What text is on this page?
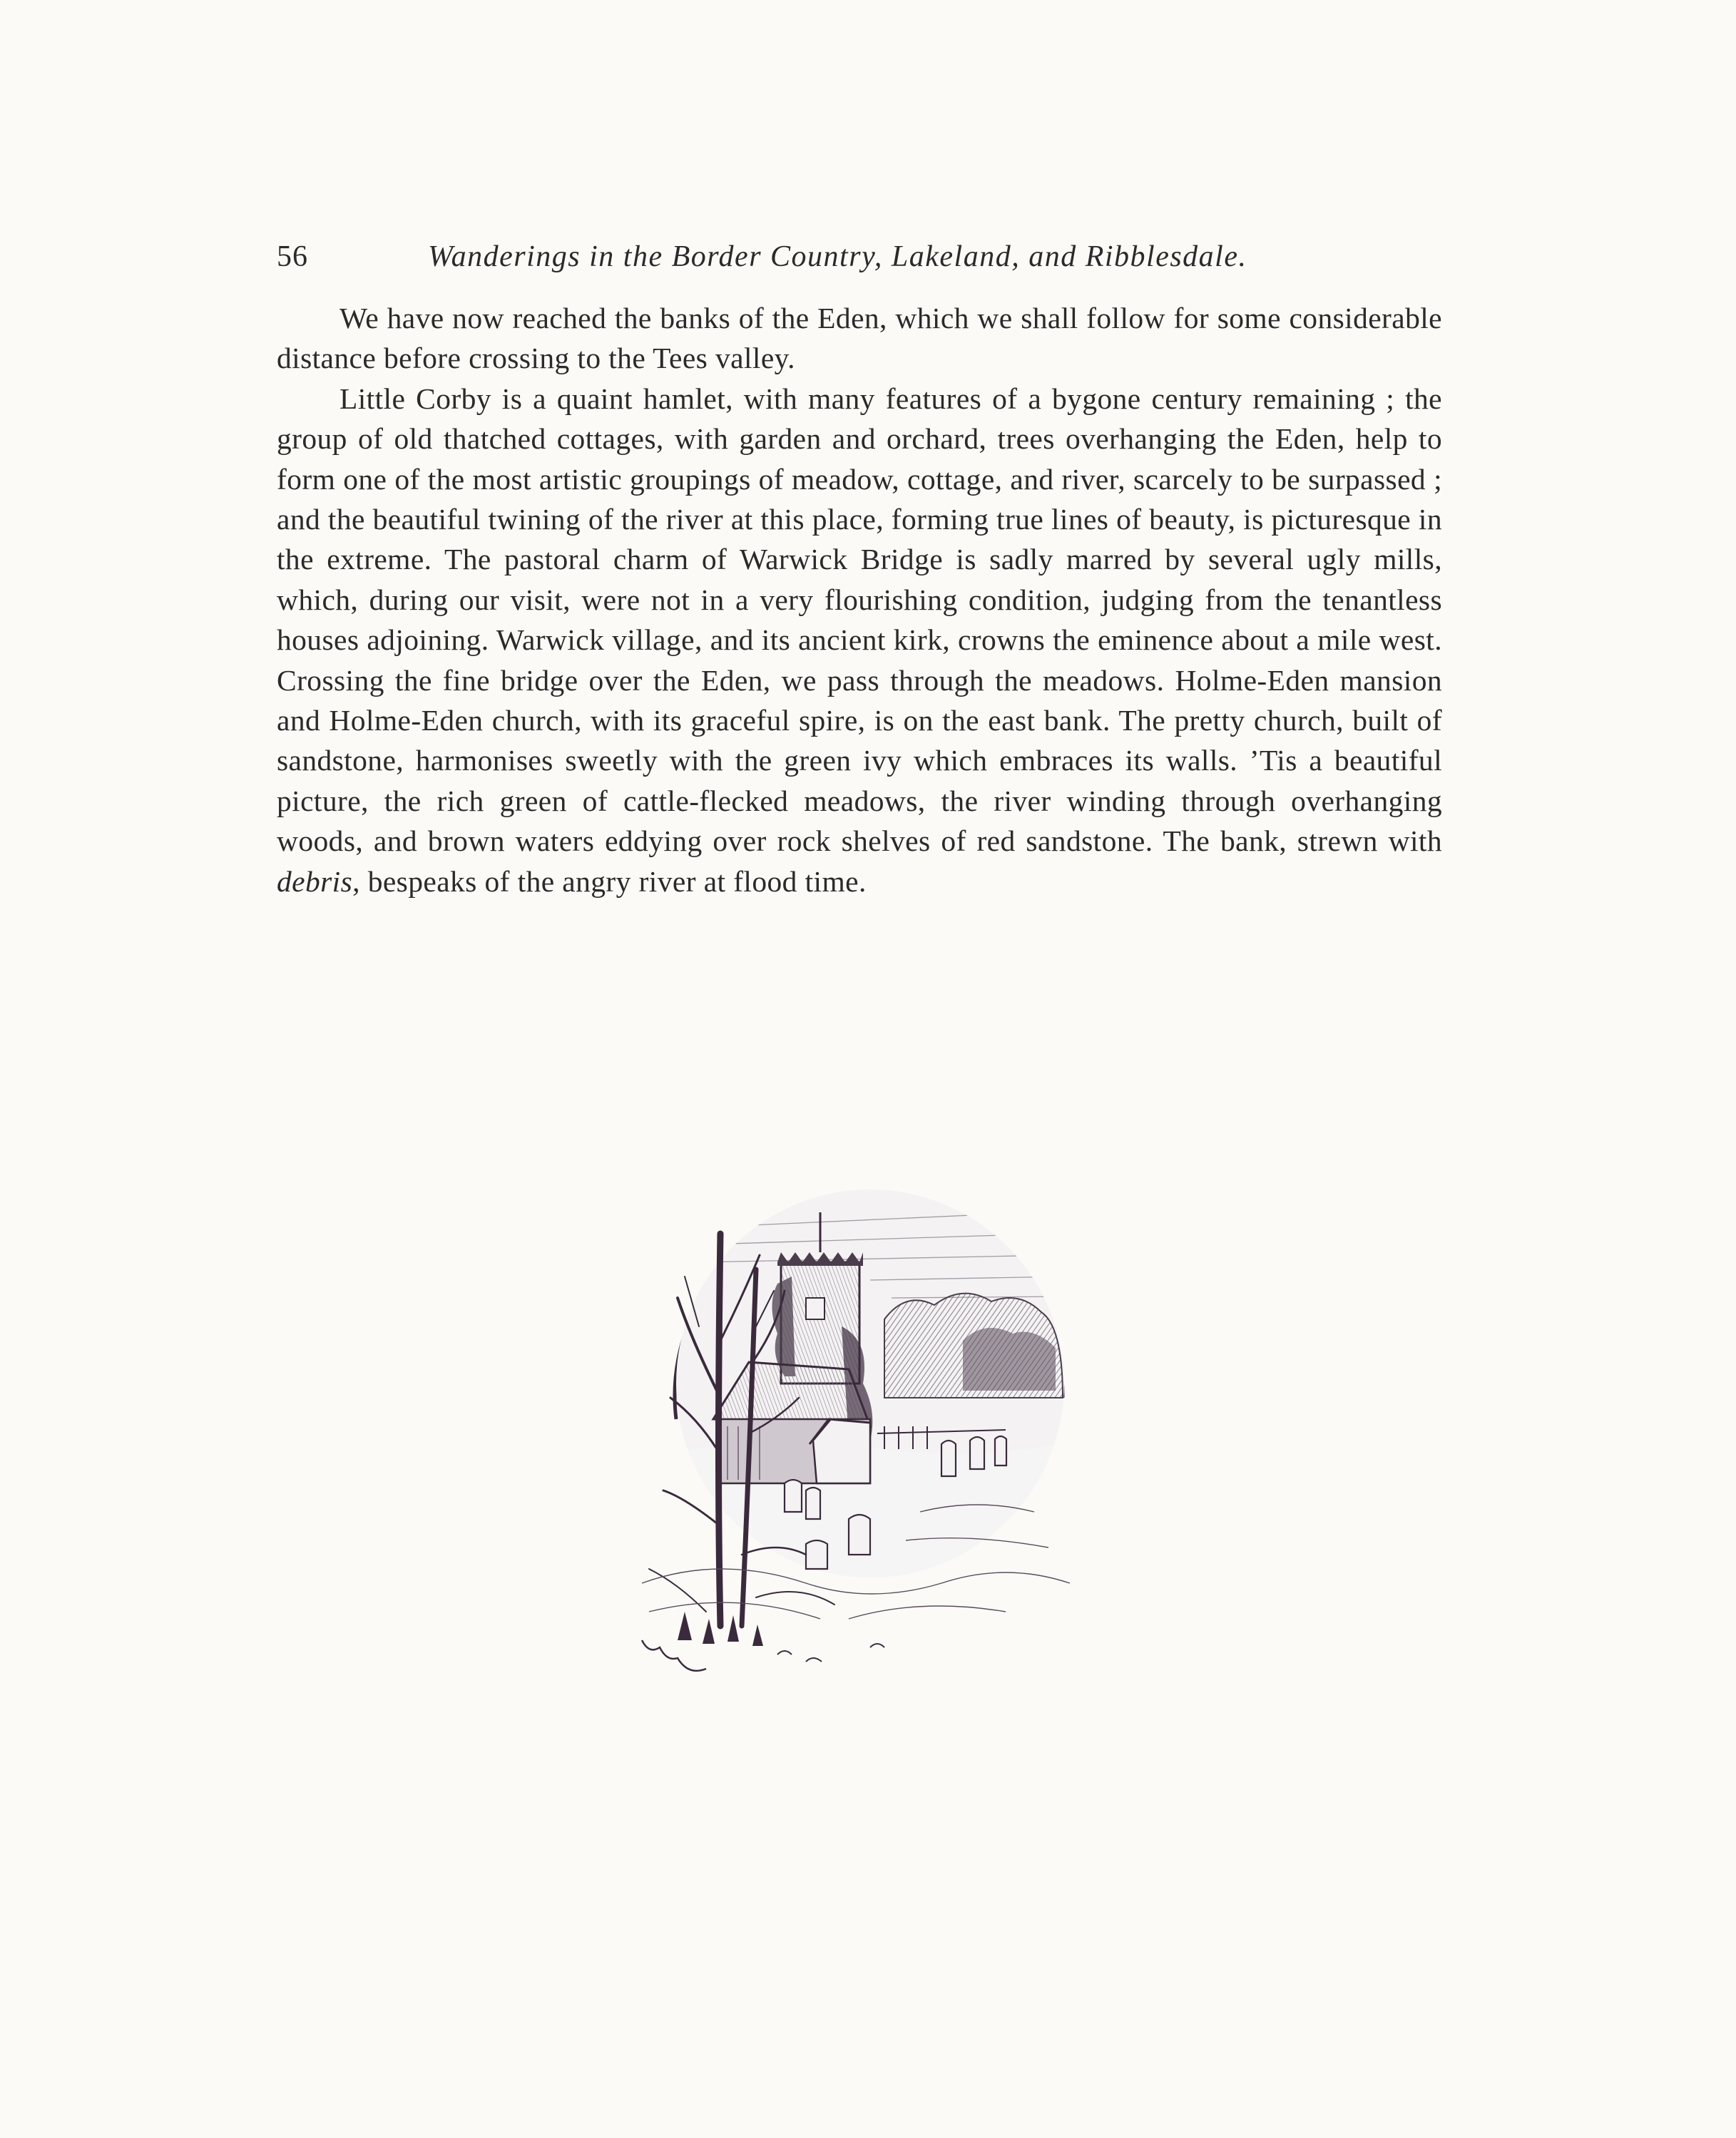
56	Wanderings in the Border Country, Lakeland, and Ribblesdale.

We have now reached the banks of the Eden, which we shall follow for some considerable distance before crossing to the Tees valley.

Little Corby is a quaint hamlet, with many features of a bygone century remaining ; the group of old thatched cottages, with garden and orchard, trees overhanging the Eden, help to form one of the most artistic groupings of meadow, cottage, and river, scarcely to be surpassed ; and the beautiful twining of the river at this place, forming true lines of beauty, is picturesque in the extreme. The pastoral charm of Warwick Bridge is sadly marred by several ugly mills, which, during our visit, were not in a very flourishing condition, judging from the tenantless houses adjoining. Warwick village, and its ancient kirk, crowns the eminence about a mile west. Crossing the fine bridge over the Eden, we pass through the meadows. Holme-Eden mansion and Holme-Eden church, with its graceful spire, is on the east bank. The pretty church, built of sandstone, harmonises sweetly with the green ivy which embraces its walls. ’Tis a beautiful picture, the rich green of cattle-flecked meadows, the river winding through overhanging woods, and brown waters eddying over rock shelves of red sandstone. The bank, strewn with debris, bespeaks of the angry river at flood time.
